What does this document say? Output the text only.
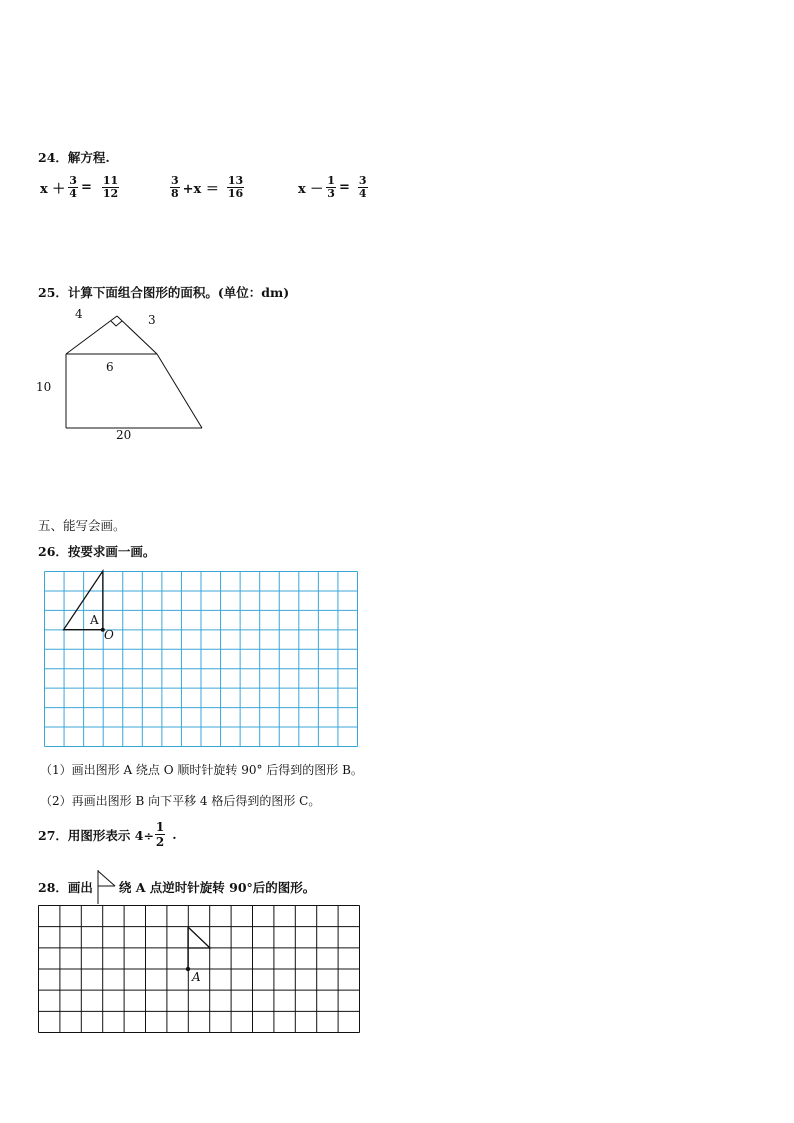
24．解方程.
$x + \frac{3}{4} = \frac{11}{12}$	$\frac{3}{8} +x = \frac{13}{16}$	$x - \frac{1}{3} = \frac{3}{4}$
25．计算下面组合图形的面积。(单位：dm)
4	3
6
10
20
五、能写会画。
26．按要求画一画。
A
O
（1）画出图形 A 绕点 O 顺时针旋转 90° 后得到的图形 B。
（2）再画出图形 B 向下平移 4 格后得到的图形 C。
27．用图形表示 $4\div \frac{1}{2}$ .
28．画出 绕 A 点逆时针旋转 90°后的图形。
A
